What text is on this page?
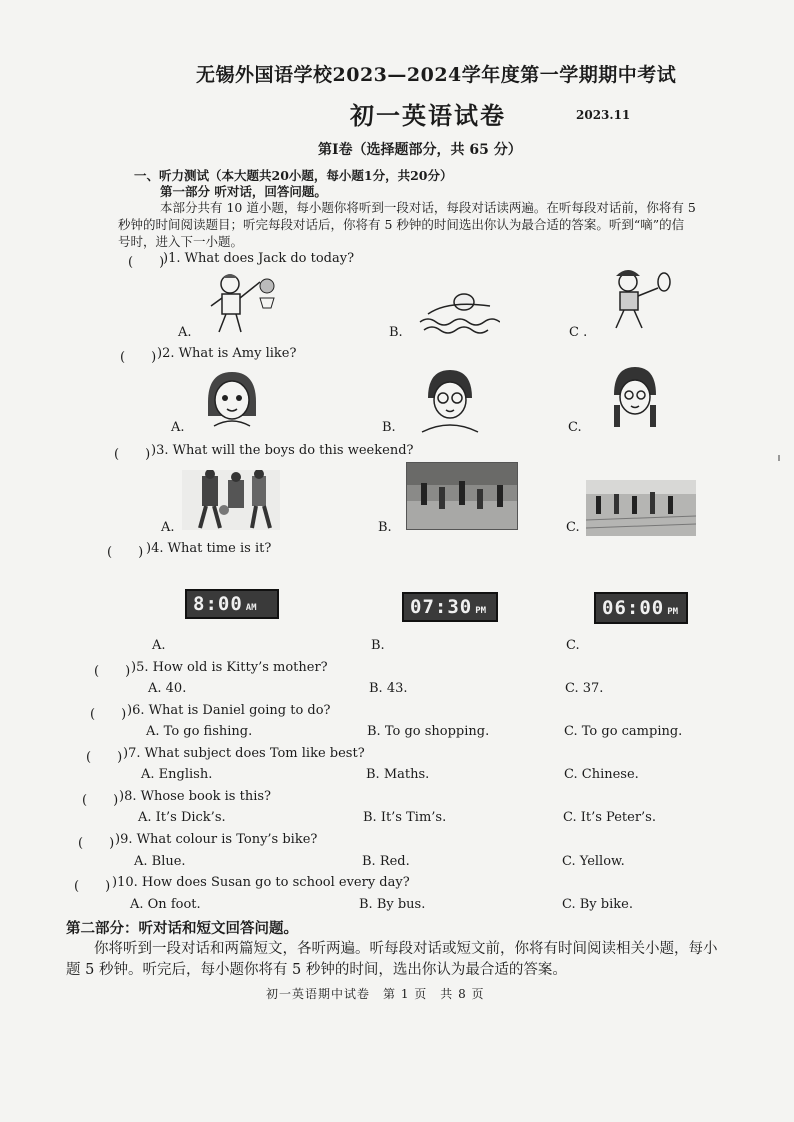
无锡外国语学校2023—2024学年度第一学期期中考试
初一英语试卷	2023.11
第Ⅰ卷（选择题部分，共 65 分）
一、听力测试（本大题共20小题，每小题1分，共20分）
第一部分 听对话，回答问题。
本部分共有 10 道小题，每小题你将听到一段对话，每段对话读两遍。在听每段对话前，你将有 5
秒钟的时间阅读题目；听完每段对话后，你将有 5 秒钟的时间选出你认为最合适的答案。听到“嘀”的信
号时，进入下一小题。
(　　)
)1. What does Jack do today?
A.	B.	C .
(　　) )2. What is Amy like?
A.	B.	C.
(　　) )3. What will the boys do this weekend?
A.	B.	C.
(　　) )4. What time is it?
8:00 AM
A.
07:30 PM
B.
06:00 PM
C.
(　　) )5. How old is Kitty’s mother?
A. 40.	B. 43.	C. 37.
(　　) )6. What is Daniel going to do?
A. To go fishing.	B. To go shopping.	C. To go camping.
(　　) )7. What subject does Tom like best?
A. English.	B. Maths.	C. Chinese.
(　　) )8. Whose book is this?
A. It’s Dick’s.	B. It’s Tim’s.	C. It’s Peter’s.
(　　) )9. What colour is Tony’s bike?
A. Blue.	B. Red.	C. Yellow.
(　　) )10. How does Susan go to school every day?
A. On foot.	B. By bus.	C. By bike.
第二部分：听对话和短文回答问题。
你将听到一段对话和两篇短文，各听两遍。听每段对话或短文前，你将有时间阅读相关小题，每小
题 5 秒钟。听完后，每小题你将有 5 秒钟的时间，选出你认为最合适的答案。
初一英语期中试卷　第 1 页　共 8 页
